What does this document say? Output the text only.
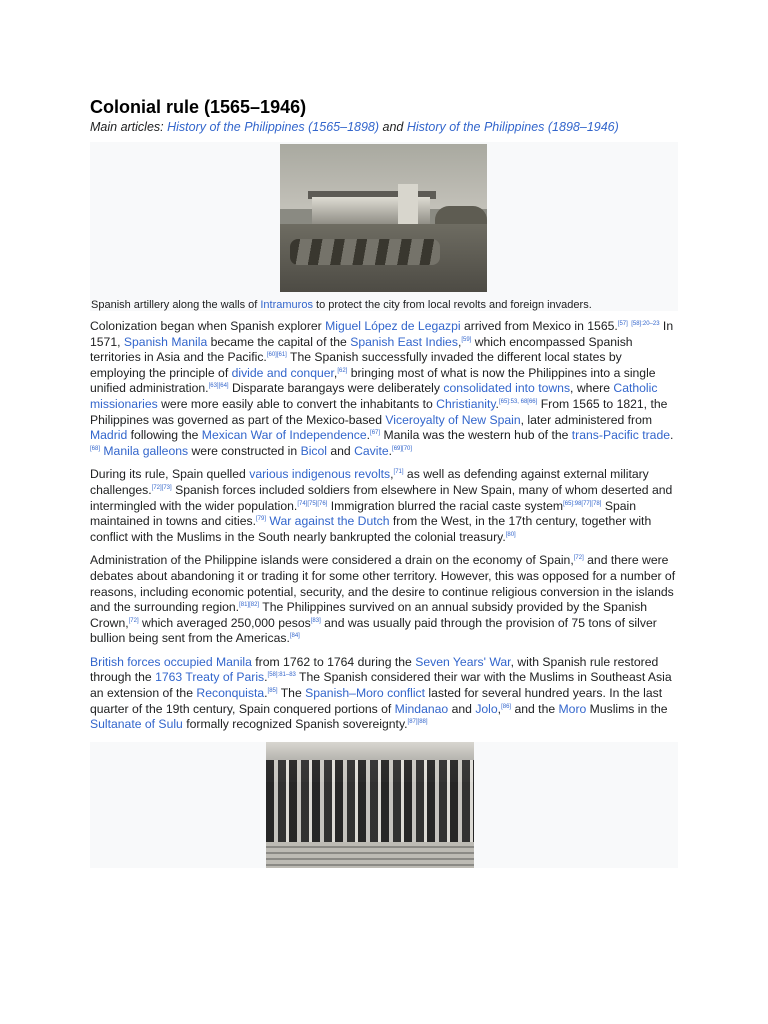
Colonial rule (1565–1946)
Main articles: History of the Philippines (1565–1898) and History of the Philippines (1898–1946)
Spanish artillery along the walls of Intramuros to protect the city from local revolts and foreign invaders.

Colonization began when Spanish explorer Miguel López de Legazpi arrived from Mexico in 1565.[57] $^{[58]:20-23}$ In 1571, Spanish Manila became the capital of the Spanish East Indies,[59] which encompassed Spanish territories in Asia and the Pacific.[60][61] The Spanish successfully invaded the different local states by employing the principle of divide and conquer,[62] bringing most of what is now the Philippines into a single unified administration.[63][64] Disparate barangays were deliberately consolidated into towns, where Catholic missionaries were more easily able to convert the inhabitants to Christianity.[65]:53, 68[66] From 1565 to 1821, the Philippines was governed as part of the Mexico-based Viceroyalty of New Spain, later administered from Madrid following the Mexican War of Independence.[67] Manila was the western hub of the trans-Pacific trade.[68] Manila galleons were constructed in Bicol and Cavite.[69][70]

During its rule, Spain quelled various indigenous revolts,[71] as well as defending against external military challenges.[72][73] Spanish forces included soldiers from elsewhere in New Spain, many of whom deserted and intermingled with the wider population.[74][75][76] Immigration blurred the racial caste system[65]:98[77][78] Spain maintained in towns and cities.[79] War against the Dutch from the West, in the 17th century, together with conflict with the Muslims in the South nearly bankrupted the colonial treasury.[80]

Administration of the Philippine islands were considered a drain on the economy of Spain,[72] and there were debates about abandoning it or trading it for some other territory. However, this was opposed for a number of reasons, including economic potential, security, and the desire to continue religious conversion in the islands and the surrounding region.[81][82] The Philippines survived on an annual subsidy provided by the Spanish Crown,[72] which averaged 250,000 pesos[83] and was usually paid through the provision of 75 tons of silver bullion being sent from the Americas.[84]

British forces occupied Manila from 1762 to 1764 during the Seven Years' War, with Spanish rule restored through the 1763 Treaty of Paris.$^{[58]:81-83}$ The Spanish considered their war with the Muslims in Southeast Asia an extension of the Reconquista.[85] The Spanish–Moro conflict lasted for several hundred years. In the last quarter of the 19th century, Spain conquered portions of Mindanao and Jolo,[86] and the Moro Muslims in the Sultanate of Sulu formally recognized Spanish sovereignty.[87][88]
